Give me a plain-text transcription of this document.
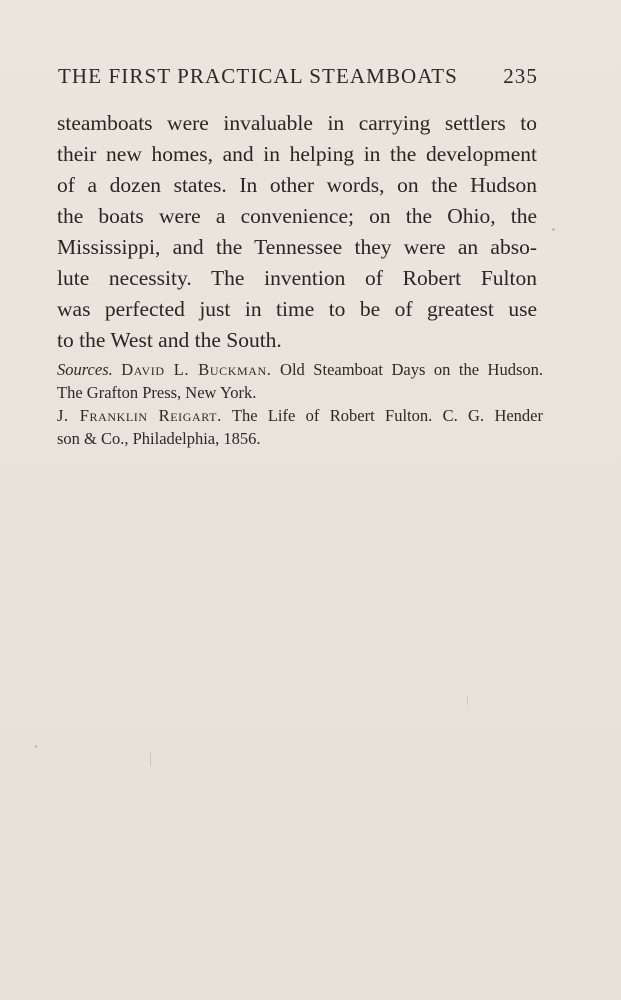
THE FIRST PRACTICAL STEAMBOATS 235
steamboats were invaluable in carrying settlers to
their new homes, and in helping in the development
of a dozen states. In other words, on the Hudson
the boats were a convenience; on the Ohio, the
Mississippi, and the Tennessee they were an abso-
lute necessity. The invention of Robert Fulton
was perfected just in time to be of greatest use
to the West and the South.
Sources. David L. Buckman. Old Steamboat Days on the Hudson.
The Grafton Press, New York.
J. Franklin Reigart. The Life of Robert Fulton. C. G. Hender
son & Co., Philadelphia, 1856.
